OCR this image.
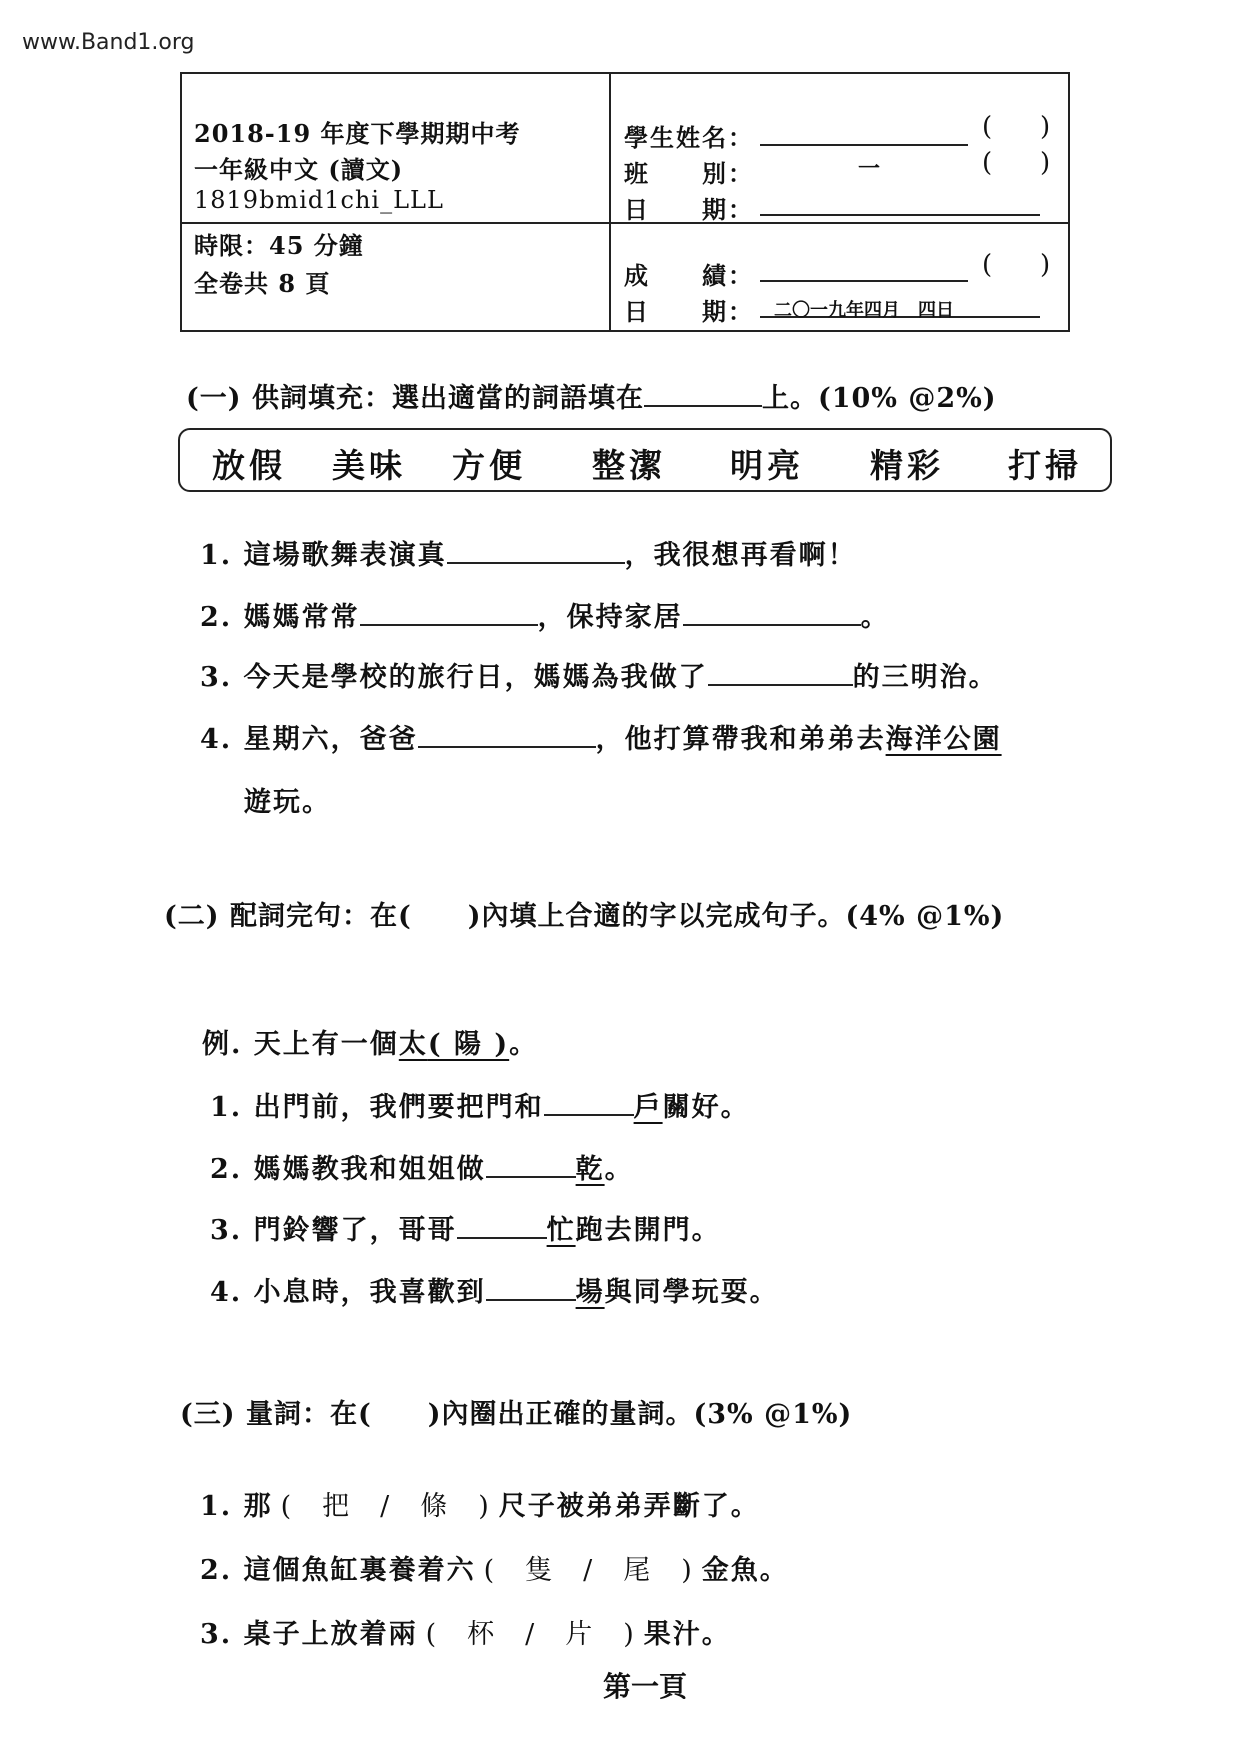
www.Band1.org
2018-19 年度下學期期中考
一年級中文 (讀文)
1819bmid1chi_LLL
時限：45 分鐘
全卷共 8 頁
學生姓名：	( )
班　　別：	一	( )
日　　期：
成　　績：	( )
日　　期： 二〇一九年四月　四日
(一) 供詞填充：選出適當的詞語填在	上。(10% @2%)
放假 美味 方便 整潔 明亮 精彩 打掃
1. 這場歌舞表演真	，我很想再看啊！
2. 媽媽常常	，保持家居	。
3. 今天是學校的旅行日，媽媽為我做了	的三明治。
4. 星期六，爸爸	，他打算帶我和弟弟去海洋公園
遊玩。
(二) 配詞完句：在(　　)內填上合適的字以完成句子。(4% @1%)
例. 天上有一個太( 陽 )。
1. 出門前，我們要把門和	戶關好。
2. 媽媽教我和姐姐做	乾。
3. 門鈴響了，哥哥	忙跑去開門。
4. 小息時，我喜歡到	場與同學玩耍。
(三) 量詞：在(　　)內圈出正確的量詞。(3% @1%)
1. 那 (　把　/　條　) 尺子被弟弟弄斷了。
2. 這個魚缸裏養着六 (　隻　/　尾　) 金魚。
3. 桌子上放着兩 (　杯　/　片　) 果汁。
第一頁
